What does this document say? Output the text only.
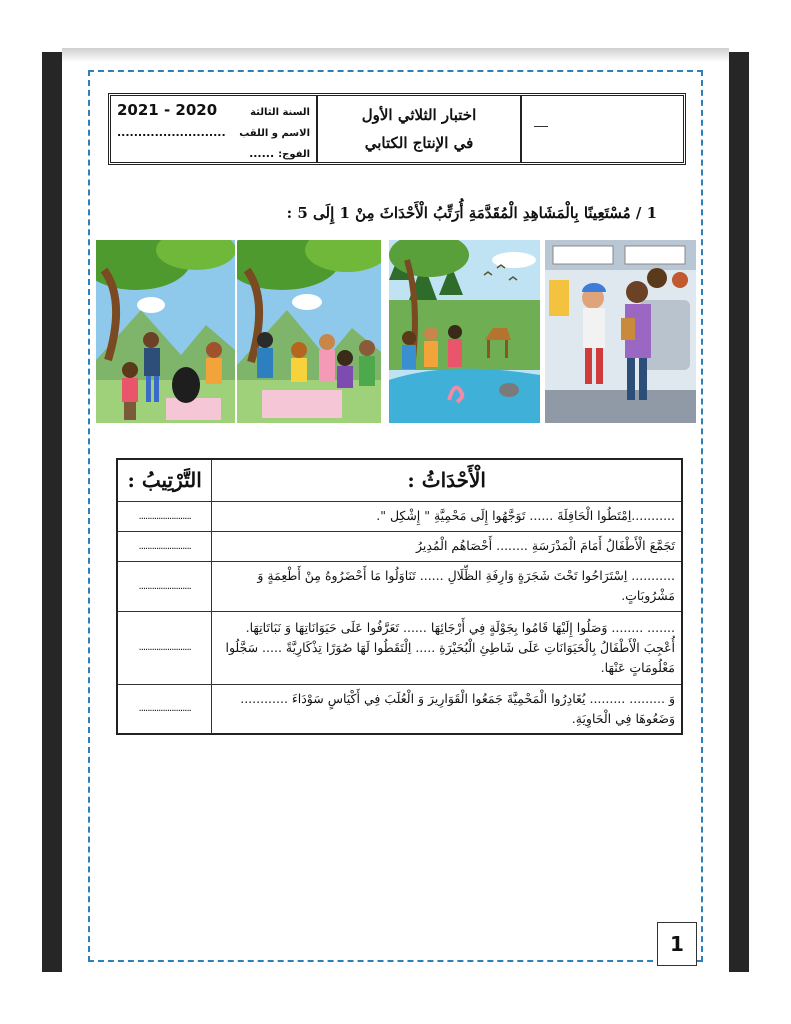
السنة الثالثة
2021 - 2020
الاسم و اللقب
..........................
الفوج:
......
اختبار الثلاثي الأول
في الإنتاج الكتابي
1 / مُسْتَعِينًا بِالْمَشَاهِدِ الْمُقَدَّمَةِ أُرَتِّبُ الْأَحْدَاثَ مِنْ 1 إِلَى 5 :
الْأَحْدَاثُ :	التَّرْتِيبُ :
...........اِمْتَطُوا الْحَافِلَةَ ...... تَوَجَّهُوا إِلَى مَحْمِيَّةِ " إِشْكِل ".	........................
تَجَمَّعَ الْأَطْفَالُ أَمَامَ الْمَدْرَسَةِ ........ أَحْصَاهُم الْمُدِيرُ	........................
........... اِسْتَرَاحُوا تَحْتَ شَجَرَةٍ وَارِفَةِ الظِّلَالِ ...... تَنَاوَلُوا مَا أَحْضَرُوهُ مِنْ أَطْعِمَةٍ وَ مَشْرُوبَاتٍ.	........................
....... ........ وَصَلُوا إِلَيْهَا قَامُوا بِجَوْلَةٍ فِي أَرْجَائِهَا ...... تَعَرَّفُوا عَلَى حَيَوَانَاتِهَا وَ نَبَاتَاتِهَا. أُعْجِبَ الْأَطْفَالُ بِالْحَيَوَانَاتِ عَلَى شَاطِئِ الْبُحَيْرَةِ ..... اِلْتَقَطُوا لَهَا صُوَرًا تِذْكَارِيَّةً ..... سَجَّلُوا مَعْلُومَاتٍ عَنْهَا.	........................
وَ ......... ......... يُغَادِرُوا الْمَحْمِيَّةَ جَمَعُوا الْقَوَارِيرَ وَ الْعُلَبَ فِي أَكْيَاسٍ سَوْدَاءَ ............ وَضَعُوهَا فِي الْحَاوِيَةِ.	........................
1
